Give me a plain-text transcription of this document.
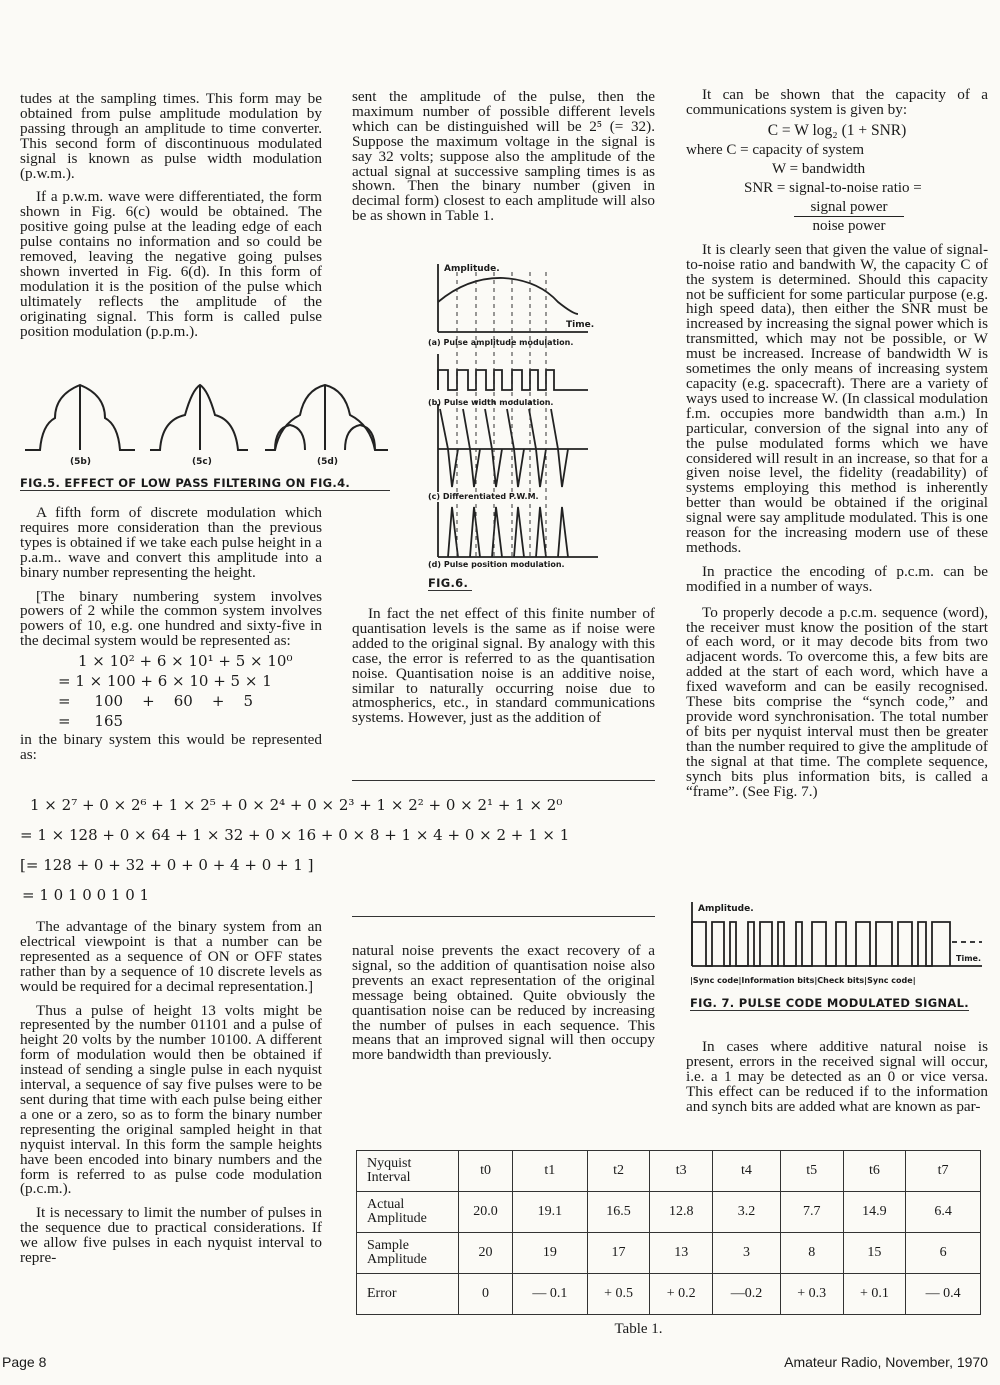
tudes at the sampling times. This form may be obtained from pulse amplitude modulation by passing through an amplitude to time converter. This second form of discontinuous modulated signal is known as pulse width modulation (p.w.m.).

If a p.w.m. wave were differentiated, the form shown in Fig. 6(c) would be obtained. The positive going pulse at the leading edge of each pulse contains no information and so could be removed, leaving the negative going pulses shown inverted in Fig. 6(d). In this form of modulation it is the position of the pulse which ultimately reflects the amplitude of the originating signal. This form is called pulse position modulation (p.p.m.).

(5b)	(5c)	(5d)
FIG.5. EFFECT OF LOW PASS FILTERING ON FIG.4.

A fifth form of discrete modulation which requires more consideration than the previous types is obtained if we take each pulse height in a p.a.m.. wave and convert this amplitude into a binary number representing the height.

[The binary numbering system involves powers of 2 while the common system involves powers of 10, e.g. one hundred and sixty-five in the decimal system would be represented as:

1 × 10² + 6 × 10¹ + 5 × 10⁰
= 1 × 100 + 6 × 10 + 5 × 1
=     100    +    60    +    5
=     165

in the binary system this would be represented as:

1 × 2⁷ + 0 × 2⁶ + 1 × 2⁵ + 0 × 2⁴ + 0 × 2³ + 1 × 2² + 0 × 2¹ + 1 × 2⁰
= 1 × 128 + 0 × 64 + 1 × 32 + 0 × 16 + 0 × 8 + 1 × 4 + 0 × 2 + 1 × 1
[= 128 + 0 + 32 + 0 + 0 + 4 + 0 + 1 ]
= 1 0 1 0 0 1 0 1

The advantage of the binary system from an electrical viewpoint is that a number can be represented as a sequence of ON or OFF states rather than by a sequence of 10 discrete levels as would be required for a decimal representation.]

Thus a pulse of height 13 volts might be represented by the number 01101 and a pulse of height 20 volts by the number 10100. A different form of modulation would then be obtained if instead of sending a single pulse in each nyquist interval, a sequence of say five pulses were to be sent during that time with each pulse being either a one or a zero, so as to form the binary number representing the original sampled height in that nyquist interval. In this form the sample heights have been encoded into binary numbers and the form is referred to as pulse code modulation (p.c.m.).

It is necessary to limit the number of pulses in the sequence due to practical considerations. If we allow five pulses in each nyquist interval to repre-

sent the amplitude of the pulse, then the maximum number of possible different levels which can be distinguished will be 2⁵ (= 32). Suppose the maximum voltage in the signal is say 32 volts; suppose also the amplitude of the actual signal at successive sampling times is as shown. Then the binary number (given in decimal form) closest to each amplitude will also be as shown in Table 1.

Amplitude.
Time.
(a) Pulse amplitude modulation.
(b) Pulse width modulation.
(c) Differentiated P.W.M.
(d) Pulse position modulation.
FIG.6.

In fact the net effect of this finite number of quantisation levels is the same as if noise were added to the original signal. By analogy with this case, the error is referred to as the quantisation noise. Quantisation noise is an additive noise, similar to naturally occurring noise due to atmospherics, etc., in standard communications systems. However, just as the addition of

natural noise prevents the exact recovery of a signal, so the addition of quantisation noise also prevents an exact representation of the original message being obtained. Quite obviously the quantisation noise can be reduced by increasing the number of pulses in each sequence. This means that an improved signal will then occupy more bandwidth than previously.

It can be shown that the capacity of a communications system is given by:

C = W log₂ (1 + SNR)
where C = capacity of system
W = bandwidth
SNR = signal-to-noise ratio =
signal power
noise power

It is clearly seen that given the value of signal-to-noise ratio and bandwith W, the capacity C of the system is determined. Should this capacity not be sufficient for some particular purpose (e.g. high speed data), then either the SNR must be increased by increasing the signal power which is transmitted, which may not be possible, or W must be increased. Increase of bandwidth W is sometimes the only means of increasing system capacity (e.g. spacecraft). There are a variety of ways used to increase W. (In classical modulation f.m. occupies more bandwidth than a.m.) In particular, conversion of the signal into any of the pulse modulated forms which we have considered will result in an increase, so that for a given noise level, the fidelity (readability) of systems employing this method is inherently better than would be obtained if the original signal were say amplitude modulated. This is one reason for the increasing modern use of these methods.

In practice the encoding of p.c.m. can be modified in a number of ways.

To properly decode a p.c.m. sequence (word), the receiver must know the position of the start of each word, or it may decode bits from two adjacent words. To overcome this, a few bits are added at the start of each word, which have a fixed waveform and can be easily recognised. These bits comprise the “synch code,” and provide word synchronisation. The total number of bits per nyquist interval must then be greater than the number required to give the amplitude of the signal at that time. The complete sequence, synch bits plus information bits, is called a “frame”. (See Fig. 7.)

Amplitude.
Time.
|Sync code|Information bits|Check bits|Sync code|
FIG. 7. PULSE CODE MODULATED SIGNAL.

In cases where additive natural noise is present, errors in the received signal will occur, i.e. a 1 may be detected as an 0 or vice versa. This effect can be reduced if to the information and synch bits are added what are known as par-

Nyquist Interval	t0	t1	t2	t3	t4	t5	t6	t7
Actual Amplitude	20.0	19.1	16.5	12.8	3.2	7.7	14.9	6.4
Sample Amplitude	20	19	17	13	3	8	15	6
Error	0	— 0.1	+ 0.5	+ 0.2	—0.2	+ 0.3	+ 0.1	— 0.4
Table 1.
Page 8	Amateur Radio, November, 1970
